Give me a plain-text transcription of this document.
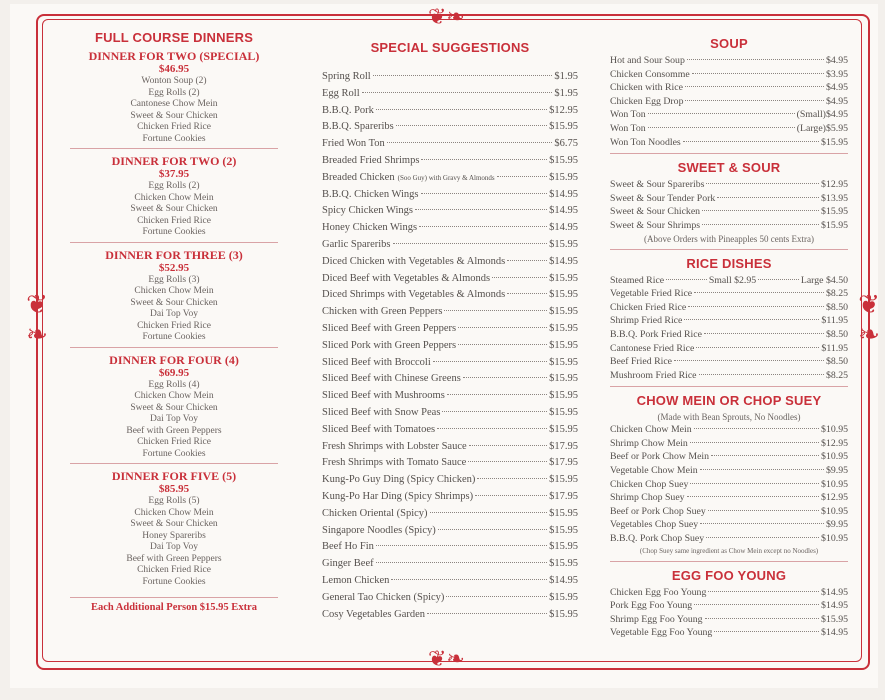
❦❧
❦❧
❦❧	❦❧
FULL COURSE DINNERS
DINNER FOR TWO (SPECIAL)
$46.95
Wonton Soup (2)
Egg Rolls (2)
Cantonese Chow Mein
Sweet & Sour Chicken
Chicken Fried Rice
Fortune Cookies
DINNER FOR TWO (2)
$37.95
Egg Rolls (2)
Chicken Chow Mein
Sweet & Sour Chicken
Chicken Fried Rice
Fortune Cookies
DINNER FOR THREE (3)
$52.95
Egg Rolls (3)
Chicken Chow Mein
Sweet & Sour Chicken
Dai Top Voy
Chicken Fried Rice
Fortune Cookies
DINNER FOR FOUR (4)
$69.95
Egg Rolls (4)
Chicken Chow Mein
Sweet & Sour Chicken
Dai Top Voy
Beef with Green Peppers
Chicken Fried Rice
Fortune Cookies
DINNER FOR FIVE (5)
$85.95
Egg Rolls (5)
Chicken Chow Mein
Sweet & Sour Chicken
Honey Spareribs
Dai Top Voy
Beef with Green Peppers
Chicken Fried Rice
Fortune Cookies
Each Additional Person $15.95 Extra
SPECIAL SUGGESTIONS
Spring Roll	$1.95
Egg Roll	$1.95
B.B.Q. Pork	$12.95
B.B.Q. Spareribs	$15.95
Fried Won Ton	$6.75
Breaded Fried Shrimps	$15.95
Breaded Chicken (Soo Guy) with Gravy & Almonds	$15.95
B.B.Q. Chicken Wings	$14.95
Spicy Chicken Wings	$14.95
Honey Chicken Wings	$14.95
Garlic Spareribs	$15.95
Diced Chicken with Vegetables & Almonds	$14.95
Diced Beef with Vegetables & Almonds	$15.95
Diced Shrimps with Vegetables & Almonds	$15.95
Chicken with Green Peppers	$15.95
Sliced Beef with Green Peppers	$15.95
Sliced Pork with Green Peppers	$15.95
Sliced Beef with Broccoli	$15.95
Sliced Beef with Chinese Greens	$15.95
Sliced Beef with Mushrooms	$15.95
Sliced Beef with Snow Peas	$15.95
Sliced Beef with Tomatoes	$15.95
Fresh Shrimps with Lobster Sauce	$17.95
Fresh Shrimps with Tomato Sauce	$17.95
Kung-Po Guy Ding (Spicy Chicken)	$15.95
Kung-Po Har Ding (Spicy Shrimps)	$17.95
Chicken Oriental (Spicy)	$15.95
Singapore Noodles (Spicy)	$15.95
Beef Ho Fin	$15.95
Ginger Beef	$15.95
Lemon Chicken	$14.95
General Tao Chicken (Spicy)	$15.95
Cosy Vegetables Garden	$15.95
SOUP
Hot and Sour Soup	$4.95
Chicken Consomme	$3.95
Chicken with Rice	$4.95
Chicken Egg Drop	$4.95
Won Ton	(Small) $4.95
Won Ton	(Large) $5.95
Won Ton Noodles	$15.95
SWEET & SOUR
Sweet & Sour Spareribs	$12.95
Sweet & Sour Tender Pork	$13.95
Sweet & Sour Chicken	$15.95
Sweet & Sour Shrimps	$15.95
(Above Orders with Pineapples 50 cents Extra)
RICE DISHES
Steamed Rice	Small $2.95	Large $4.50
Vegetable Fried Rice	$8.25
Chicken Fried Rice	$8.50
Shrimp Fried Rice	$11.95
B.B.Q. Pork Fried Rice	$8.50
Cantonese Fried Rice	$11.95
Beef Fried Rice	$8.50
Mushroom Fried Rice	$8.25
CHOW MEIN OR CHOP SUEY
(Made with Bean Sprouts, No Noodles)
Chicken Chow Mein	$10.95
Shrimp Chow Mein	$12.95
Beef or Pork Chow Mein	$10.95
Vegetable Chow Mein	$9.95
Chicken Chop Suey	$10.95
Shrimp Chop Suey	$12.95
Beef or Pork Chop Suey	$10.95
Vegetables Chop Suey	$9.95
B.B.Q. Pork Chop Suey	$10.95
(Chop Suey same ingredient as Chow Mein except no Noodles)
EGG FOO YOUNG
Chicken Egg Foo Young	$14.95
Pork Egg Foo Young	$14.95
Shrimp Egg Foo Young	$15.95
Vegetable Egg Foo Young	$14.95
